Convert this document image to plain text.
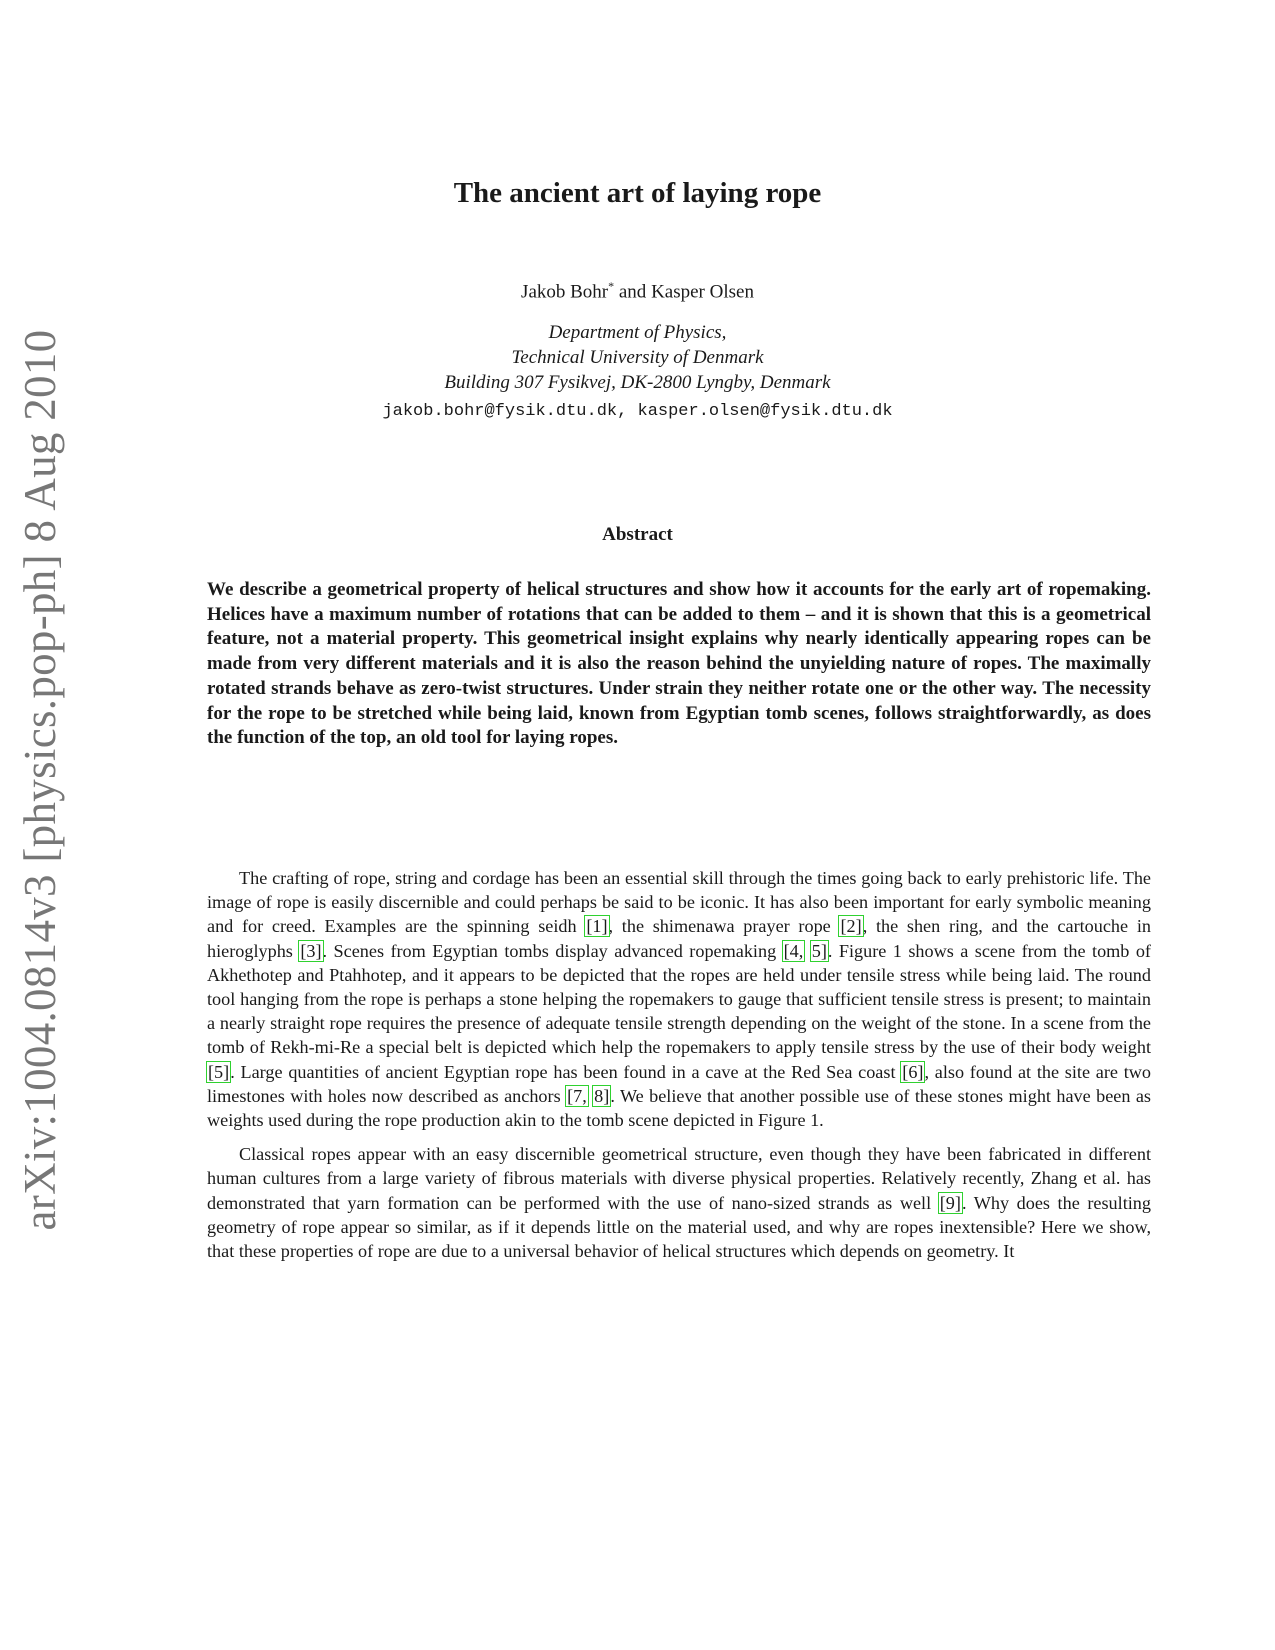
arXiv:1004.0814v3 [physics.pop-ph] 8 Aug 2010
The ancient art of laying rope
Jakob Bohr* and Kasper Olsen
Department of Physics,
Technical University of Denmark
Building 307 Fysikvej, DK-2800 Lyngby, Denmark
jakob.bohr@fysik.dtu.dk, kasper.olsen@fysik.dtu.dk
Abstract

We describe a geometrical property of helical structures and show how it accounts for the early art of ropemaking. Helices have a maximum number of rotations that can be added to them – and it is shown that this is a geometrical feature, not a material property. This geometrical insight explains why nearly identically appearing ropes can be made from very different materials and it is also the reason behind the unyielding nature of ropes. The maximally rotated strands behave as zero-twist structures. Under strain they neither rotate one or the other way. The necessity for the rope to be stretched while being laid, known from Egyptian tomb scenes, follows straightforwardly, as does the function of the top, an old tool for laying ropes.

The crafting of rope, string and cordage has been an essential skill through the times going back to early prehistoric life. The image of rope is easily discernible and could perhaps be said to be iconic. It has also been important for early symbolic meaning and for creed. Examples are the spinning seidh [1], the shimenawa prayer rope [2], the shen ring, and the cartouche in hieroglyphs [3]. Scenes from Egyptian tombs display advanced ropemaking [4, 5]. Figure 1 shows a scene from the tomb of Akhethotep and Ptahhotep, and it appears to be depicted that the ropes are held under tensile stress while being laid. The round tool hanging from the rope is perhaps a stone helping the ropemakers to gauge that sufficient tensile stress is present; to maintain a nearly straight rope requires the presence of adequate tensile strength depending on the weight of the stone. In a scene from the tomb of Rekh-mi-Re a special belt is depicted which help the ropemakers to apply tensile stress by the use of their body weight [5]. Large quantities of ancient Egyptian rope has been found in a cave at the Red Sea coast [6], also found at the site are two limestones with holes now described as anchors [7, 8]. We believe that another possible use of these stones might have been as weights used during the rope production akin to the tomb scene depicted in Figure 1.

Classical ropes appear with an easy discernible geometrical structure, even though they have been fabricated in different human cultures from a large variety of fibrous materials with diverse physical properties. Relatively recently, Zhang et al. has demonstrated that yarn formation can be performed with the use of nano-sized strands as well [9]. Why does the resulting geometry of rope appear so similar, as if it depends little on the material used, and why are ropes inextensible? Here we show, that these properties of rope are due to a universal behavior of helical structures which depends on geometry. It
